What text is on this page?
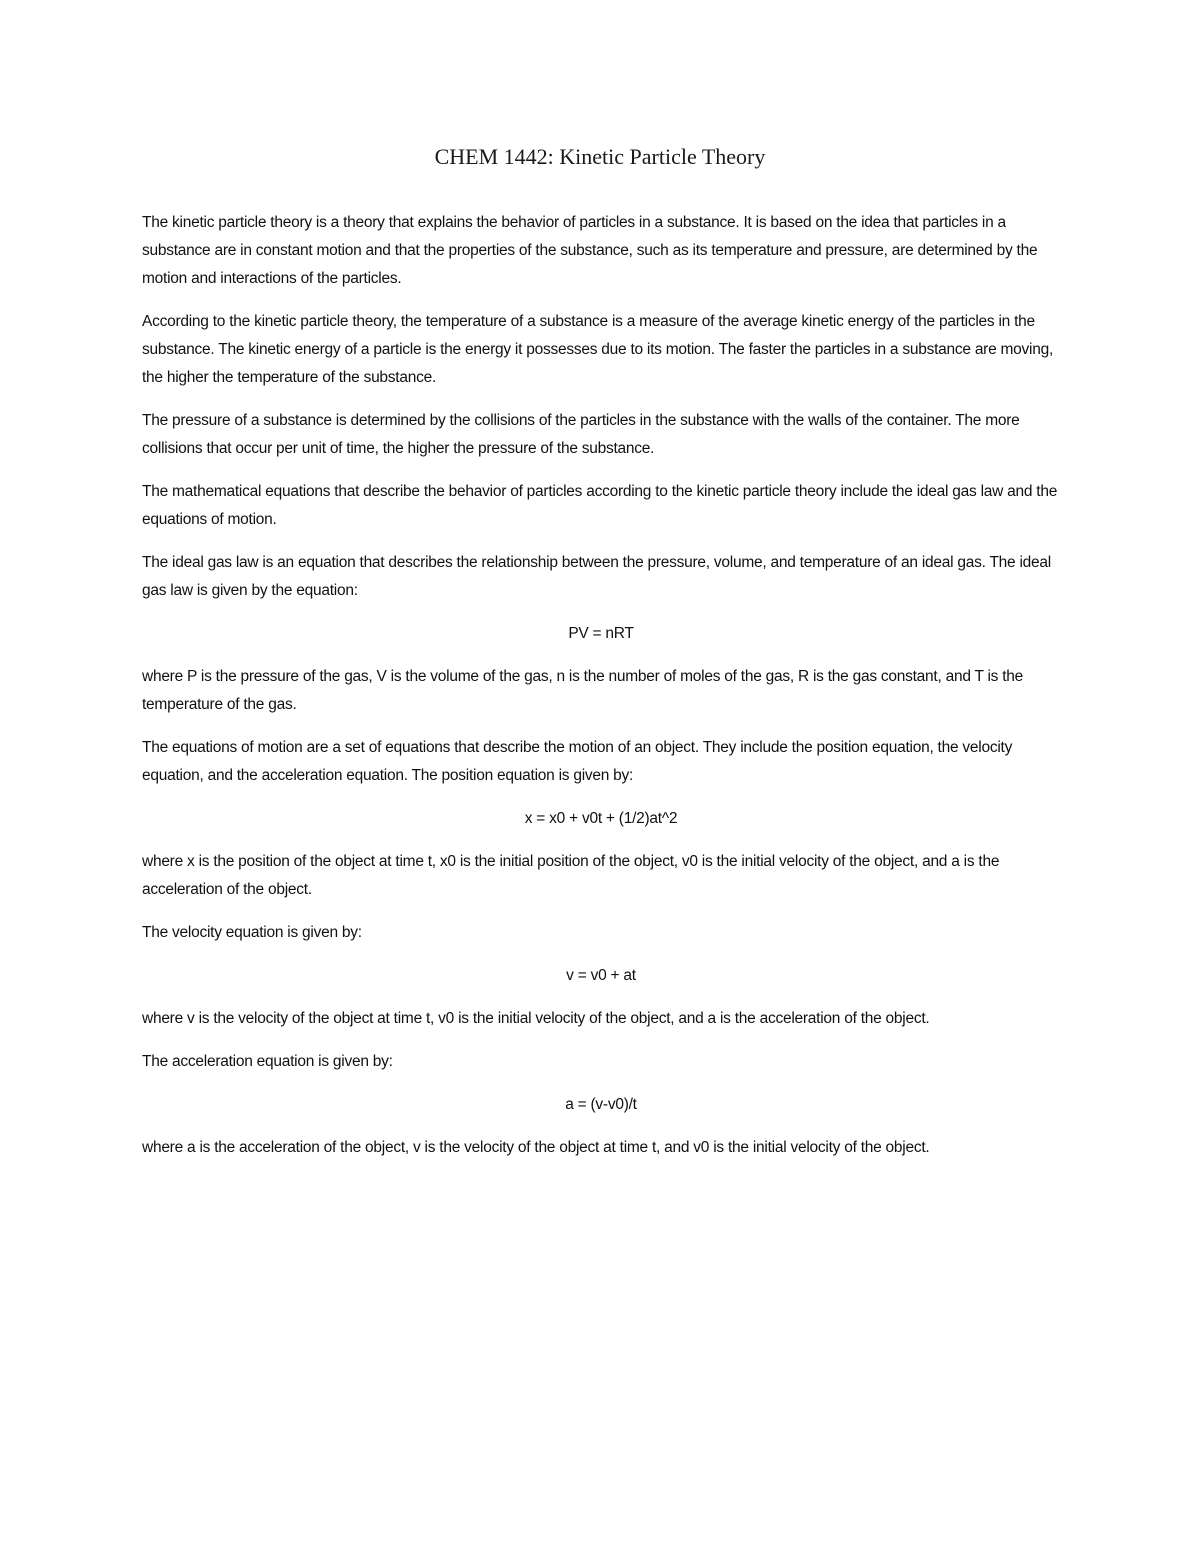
CHEM 1442: Kinetic Particle Theory

The kinetic particle theory is a theory that explains the behavior of particles in a substance. It is based on the idea that particles in a substance are in constant motion and that the properties of the substance, such as its temperature and pressure, are determined by the motion and interactions of the particles.

According to the kinetic particle theory, the temperature of a substance is a measure of the average kinetic energy of the particles in the substance. The kinetic energy of a particle is the energy it possesses due to its motion. The faster the particles in a substance are moving, the higher the temperature of the substance.

The pressure of a substance is determined by the collisions of the particles in the substance with the walls of the container. The more collisions that occur per unit of time, the higher the pressure of the substance.

The mathematical equations that describe the behavior of particles according to the kinetic particle theory include the ideal gas law and the equations of motion.

The ideal gas law is an equation that describes the relationship between the pressure, volume, and temperature of an ideal gas. The ideal gas law is given by the equation:

PV = nRT

where P is the pressure of the gas, V is the volume of the gas, n is the number of moles of the gas, R is the gas constant, and T is the temperature of the gas.

The equations of motion are a set of equations that describe the motion of an object. They include the position equation, the velocity equation, and the acceleration equation. The position equation is given by:

x = x0 + v0t + (1/2)at^2

where x is the position of the object at time t, x0 is the initial position of the object, v0 is the initial velocity of the object, and a is the acceleration of the object.

The velocity equation is given by:

v = v0 + at

where v is the velocity of the object at time t, v0 is the initial velocity of the object, and a is the acceleration of the object.

The acceleration equation is given by:

a = (v-v0)/t

where a is the acceleration of the object, v is the velocity of the object at time t, and v0 is the initial velocity of the object.
